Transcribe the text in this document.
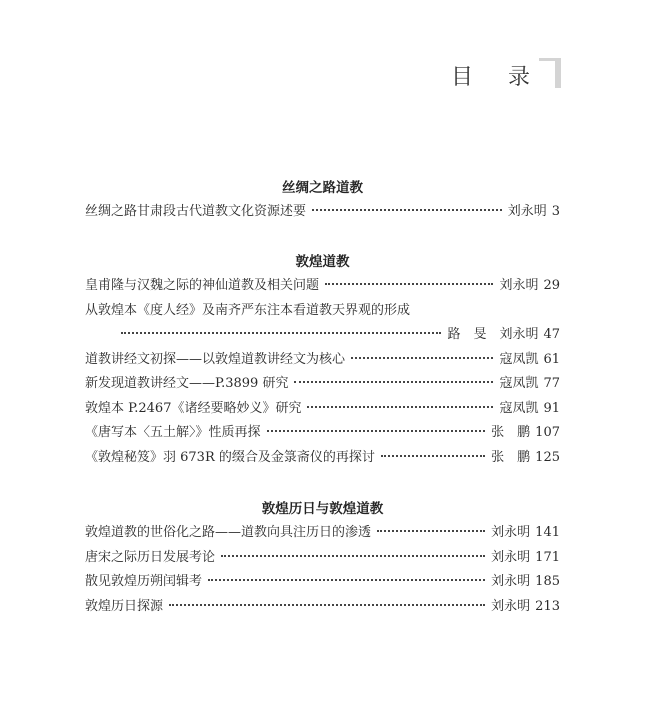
目 录
丝绸之路道教
丝绸之路甘肃段古代道教文化资源述要	刘永明 3
敦煌道教
皇甫隆与汉魏之际的神仙道教及相关问题	刘永明 29
从敦煌本《度人经》及南齐严东注本看道教天界观的形成
路　旻　刘永明 47
道教讲经文初探——以敦煌道教讲经文为核心	寇凤凯 61
新发现道教讲经文——P.3899 研究	寇凤凯 77
敦煌本 P.2467《诸经要略妙义》研究	寇凤凯 91
《唐写本〈五土解〉》性质再探	张　鹏 107
《敦煌秘笈》羽 673R 的缀合及金箓斋仪的再探讨	张　鹏 125
敦煌历日与敦煌道教
敦煌道教的世俗化之路——道教向具注历日的渗透	刘永明 141
唐宋之际历日发展考论	刘永明 171
散见敦煌历朔闰辑考	刘永明 185
敦煌历日探源	刘永明 213
